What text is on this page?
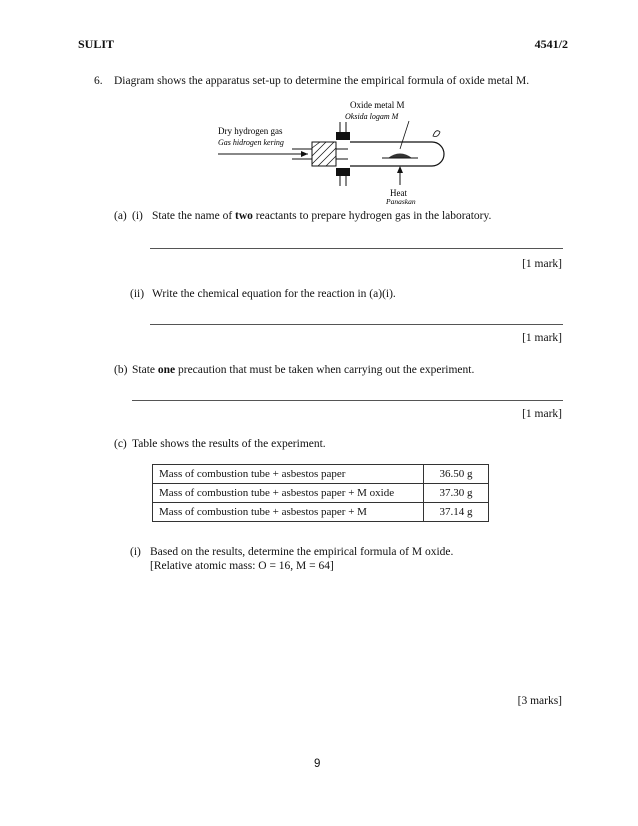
SULIT	4541/2
6. Diagram shows the apparatus set-up to determine the empirical formula of oxide metal M.
Oxide metal M
Oksida logam M
Dry hydrogen gas
Gas hidrogen kering
Heat
Panaskan
(a) (i) State the name of two reactants to prepare hydrogen gas in the laboratory.
[1 mark]
(ii) Write the chemical equation for the reaction in (a)(i).
[1 mark]
(b) State one precaution that must be taken when carrying out the experiment.
[1 mark]
(c) Table shows the results of the experiment.
Mass of combustion tube + asbestos paper	36.50 g
Mass of combustion tube + asbestos paper + M oxide	37.30 g
Mass of combustion tube + asbestos paper + M	37.14 g
(i) Based on the results, determine the empirical formula of M oxide.
[Relative atomic mass: O = 16, M = 64]
[3 marks]
9
